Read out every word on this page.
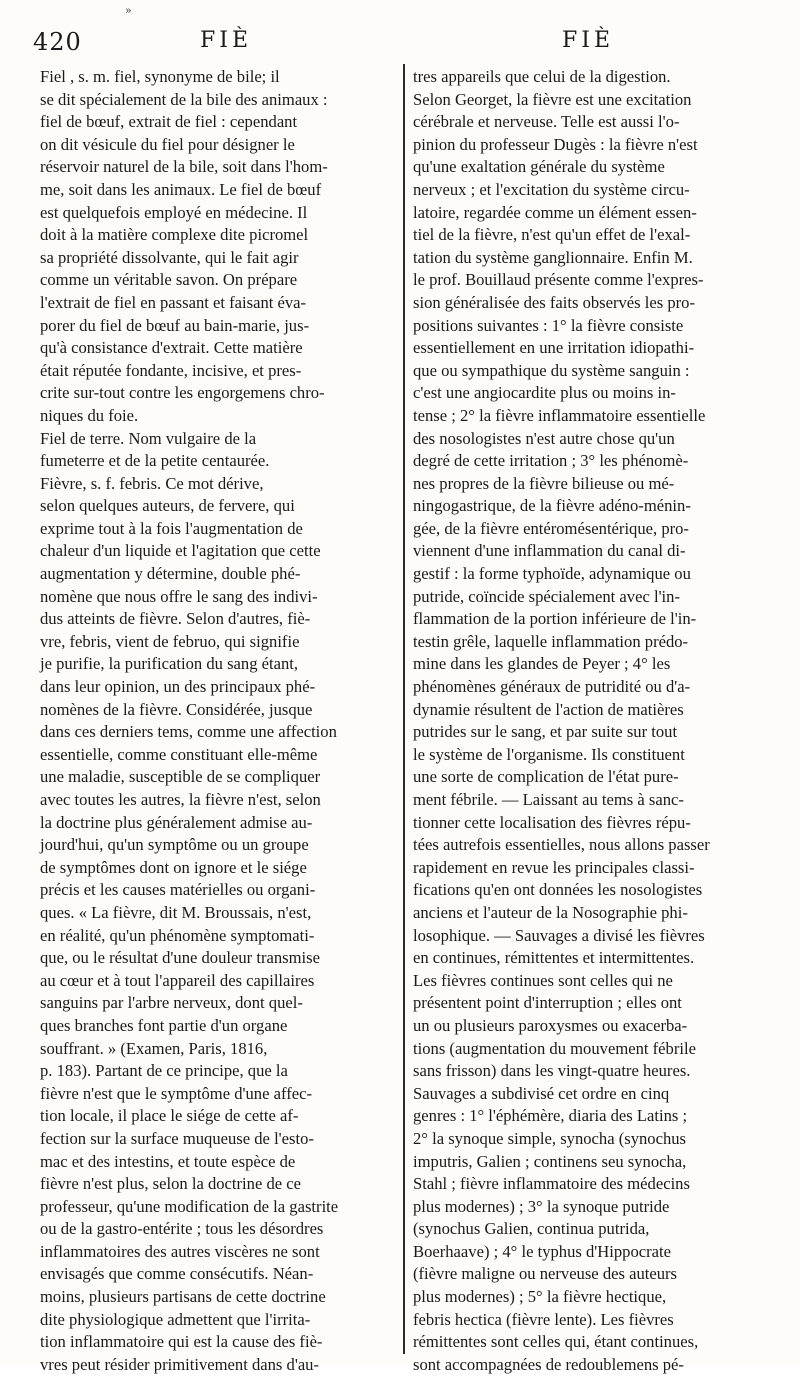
»
420	FIÈ	FIÈ
Fiel , s. m. fiel, synonyme de bile; il
se dit spécialement de la bile des animaux :
fiel de bœuf, extrait de fiel : cependant
on dit vésicule du fiel pour désigner le
réservoir naturel de la bile, soit dans l'hom-
me, soit dans les animaux. Le fiel de bœuf
est quelquefois employé en médecine. Il
doit à la matière complexe dite picromel
sa propriété dissolvante, qui le fait agir
comme un véritable savon. On prépare
l'extrait de fiel en passant et faisant éva-
porer du fiel de bœuf au bain-marie, jus-
qu'à consistance d'extrait. Cette matière
était réputée fondante, incisive, et pres-
crite sur-tout contre les engorgemens chro-
niques du foie.
Fiel de terre. Nom vulgaire de la
fumeterre et de la petite centaurée.
Fièvre, s. f. febris. Ce mot dérive,
selon quelques auteurs, de fervere, qui
exprime tout à la fois l'augmentation de
chaleur d'un liquide et l'agitation que cette
augmentation y détermine, double phé-
nomène que nous offre le sang des indivi-
dus atteints de fièvre. Selon d'autres, fiè-
vre, febris, vient de februo, qui signifie
je purifie, la purification du sang étant,
dans leur opinion, un des principaux phé-
nomènes de la fièvre. Considérée, jusque
dans ces derniers tems, comme une affection
essentielle, comme constituant elle-même
une maladie, susceptible de se compliquer
avec toutes les autres, la fièvre n'est, selon
la doctrine plus généralement admise au-
jourd'hui, qu'un symptôme ou un groupe
de symptômes dont on ignore et le siége
précis et les causes matérielles ou organi-
ques. « La fièvre, dit M. Broussais, n'est,
en réalité, qu'un phénomène symptomati-
que, ou le résultat d'une douleur transmise
au cœur et à tout l'appareil des capillaires
sanguins par l'arbre nerveux, dont quel-
ques branches font partie d'un organe
souffrant. » (Examen, Paris, 1816,
p. 183). Partant de ce principe, que la
fièvre n'est que le symptôme d'une affec-
tion locale, il place le siége de cette af-
fection sur la surface muqueuse de l'esto-
mac et des intestins, et toute espèce de
fièvre n'est plus, selon la doctrine de ce
professeur, qu'une modification de la gastrite
ou de la gastro-entérite ; tous les désordres
inflammatoires des autres viscères ne sont
envisagés que comme consécutifs. Néan-
moins, plusieurs partisans de cette doctrine
dite physiologique admettent que l'irrita-
tion inflammatoire qui est la cause des fiè-
vres peut résider primitivement dans d'au-
tres appareils que celui de la digestion.
Selon Georget, la fièvre est une excitation
cérébrale et nerveuse. Telle est aussi l'o-
pinion du professeur Dugès : la fièvre n'est
qu'une exaltation générale du système
nerveux ; et l'excitation du système circu-
latoire, regardée comme un élément essen-
tiel de la fièvre, n'est qu'un effet de l'exal-
tation du système ganglionnaire. Enfin M.
le prof. Bouillaud présente comme l'expres-
sion généralisée des faits observés les pro-
positions suivantes : 1° la fièvre consiste
essentiellement en une irritation idiopathi-
que ou sympathique du système sanguin :
c'est une angiocardite plus ou moins in-
tense ; 2° la fièvre inflammatoire essentielle
des nosologistes n'est autre chose qu'un
degré de cette irritation ; 3° les phénomè-
nes propres de la fièvre bilieuse ou mé-
ningogastrique, de la fièvre adéno-ménin-
gée, de la fièvre entéromésentérique, pro-
viennent d'une inflammation du canal di-
gestif : la forme typhoïde, adynamique ou
putride, coïncide spécialement avec l'in-
flammation de la portion inférieure de l'in-
testin grêle, laquelle inflammation prédo-
mine dans les glandes de Peyer ; 4° les
phénomènes généraux de putridité ou d'a-
dynamie résultent de l'action de matières
putrides sur le sang, et par suite sur tout
le système de l'organisme. Ils constituent
une sorte de complication de l'état pure-
ment fébrile. — Laissant au tems à sanc-
tionner cette localisation des fièvres répu-
tées autrefois essentielles, nous allons passer
rapidement en revue les principales classi-
fications qu'en ont données les nosologistes
anciens et l'auteur de la Nosographie phi-
losophique. — Sauvages a divisé les fièvres
en continues, rémittentes et intermittentes.
Les fièvres continues sont celles qui ne
présentent point d'interruption ; elles ont
un ou plusieurs paroxysmes ou exacerba-
tions (augmentation du mouvement fébrile
sans frisson) dans les vingt-quatre heures.
Sauvages a subdivisé cet ordre en cinq
genres : 1° l'éphémère, diaria des Latins ;
2° la synoque simple, synocha (synochus
imputris, Galien ; continens seu synocha,
Stahl ; fièvre inflammatoire des médecins
plus modernes) ; 3° la synoque putride
(synochus Galien, continua putrida,
Boerhaave) ; 4° le typhus d'Hippocrate
(fièvre maligne ou nerveuse des auteurs
plus modernes) ; 5° la fièvre hectique,
febris hectica (fièvre lente). Les fièvres
rémittentes sont celles qui, étant continues,
sont accompagnées de redoublemens pé-
